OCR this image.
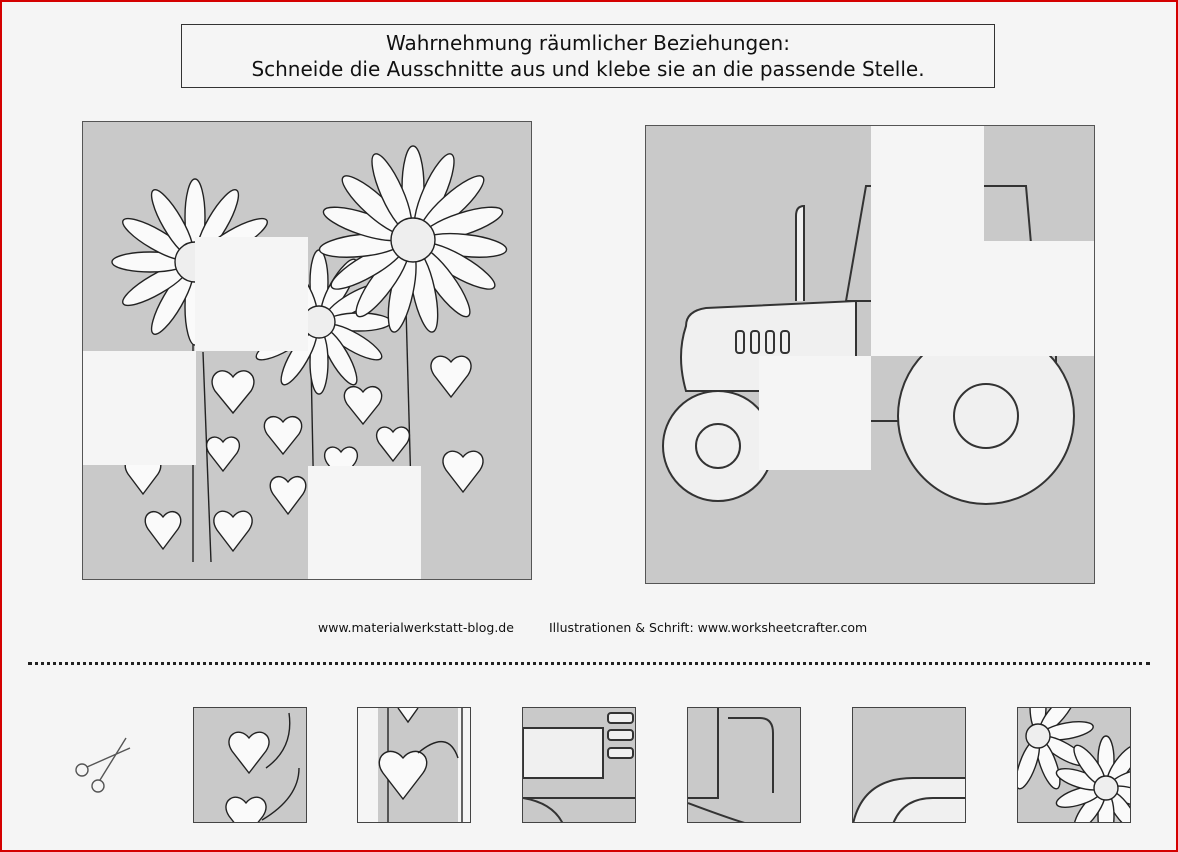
Wahrnehmung räumlicher Beziehungen:
Schneide die Ausschnitte aus und klebe sie an die passende Stelle.
www.materialwerkstatt-blog.de	Illustrationen & Schrift: www.worksheetcrafter.com
